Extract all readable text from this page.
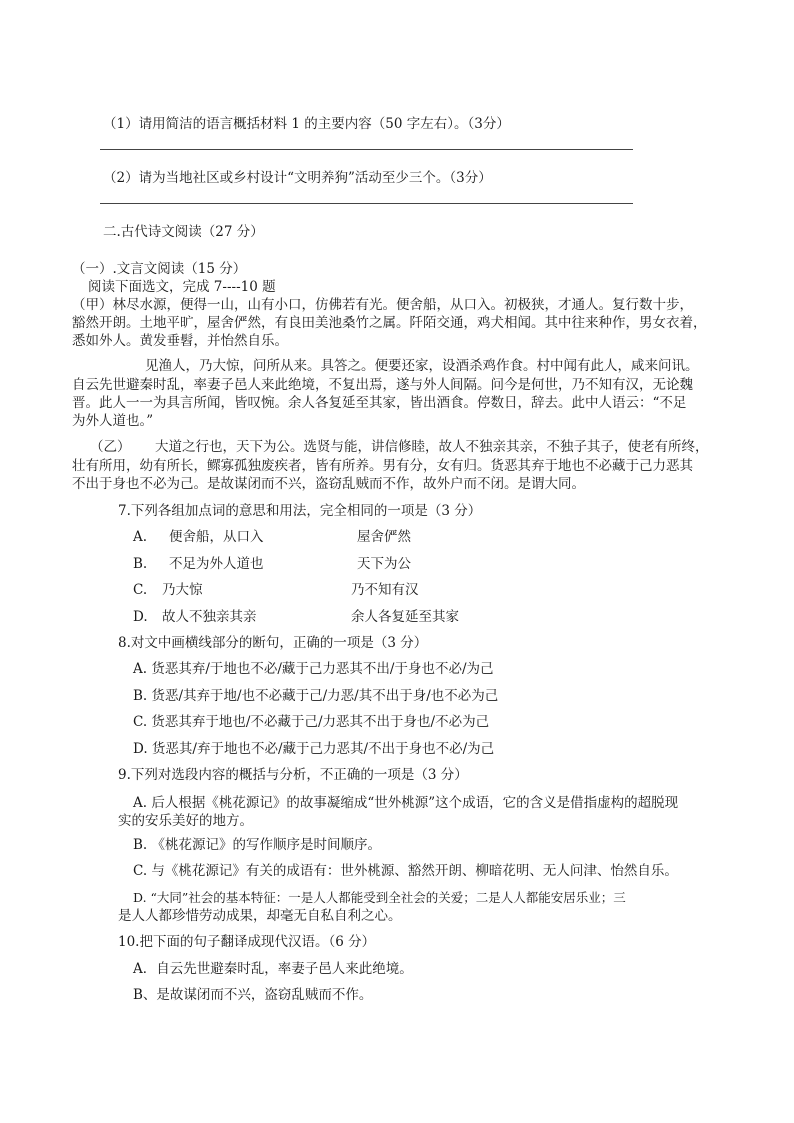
（1）请用简洁的语言概括材料 1 的主要内容（50 字左右）。（3分）
（2）请为当地社区或乡村设计“文明养狗”活动至少三个。（3分）
二.古代诗文阅读（27 分）
（一）.文言文阅读（15 分）
阅读下面选文，完成 7----10 题
（甲）林尽水源，便得一山，山有小口，仿佛若有光。便舍船，从口入。初极狭，才通人。复行数十步，
豁然开朗。土地平旷，屋舍俨然，有良田美池桑竹之属。阡陌交通，鸡犬相闻。其中往来种作，男女衣着，
悉如外人。黄发垂髫，并怡然自乐。
见渔人，乃大惊，问所从来。具答之。便要还家，设酒杀鸡作食。村中闻有此人，咸来问讯。
自云先世避秦时乱，率妻子邑人来此绝境，不复出焉，遂与外人间隔。问今是何世，乃不知有汉，无论魏
晋。此人一一为具言所闻，皆叹惋。余人各复延至其家，皆出酒食。停数日，辞去。此中人语云：“不足
为外人道也。”
（乙） 大道之行也，天下为公。选贤与能，讲信修睦，故人不独亲其亲，不独子其子，使老有所终，
壮有所用，幼有所长，鳏寡孤独废疾者，皆有所养。男有分，女有归。货恶其弃于地也不必藏于己力恶其
不出于身也不必为己。是故谋闭而不兴，盗窃乱贼而不作，故外户而不闭。是谓大同。
7.下列各组加点词的意思和用法，完全相同的一项是（3 分）
A. 便舍船，从口入	屋舍俨然
B. 不足为外人道也	天下为公
C. 乃大惊	乃不知有汉
D. 故人不独亲其亲	余人各复延至其家
8.对文中画横线部分的断句，正确的一项是（3 分）
A. 货恶其弃/于地也不必/藏于己力恶其不出/于身也不必/为己
B. 货恶/其弃于地/也不必藏于己/力恶/其不出于身/也不必为己
C. 货恶其弃于地也/不必藏于己/力恶其不出于身也/不必为己
D. 货恶其/弃于地也不必/藏于己力恶其/不出于身也不必/为己
9.下列对选段内容的概括与分析，不正确的一项是（3 分）
A. 后人根据《桃花源记》的故事凝缩成“世外桃源”这个成语，它的含义是借指虚构的超脱现
实的安乐美好的地方。
B. 《桃花源记》的写作顺序是时间顺序。
C. 与《桃花源记》有关的成语有：世外桃源、豁然开朗、柳暗花明、无人问津、怡然自乐。
D. “大同”社会的基本特征：一是人人都能受到全社会的关爱；二是人人都能安居乐业；三
是人人都珍惜劳动成果，却毫无自私自利之心。
10.把下面的句子翻译成现代汉语。（6 分）
A．自云先世避秦时乱，率妻子邑人来此绝境。
B、是故谋闭而不兴，盗窃乱贼而不作。
